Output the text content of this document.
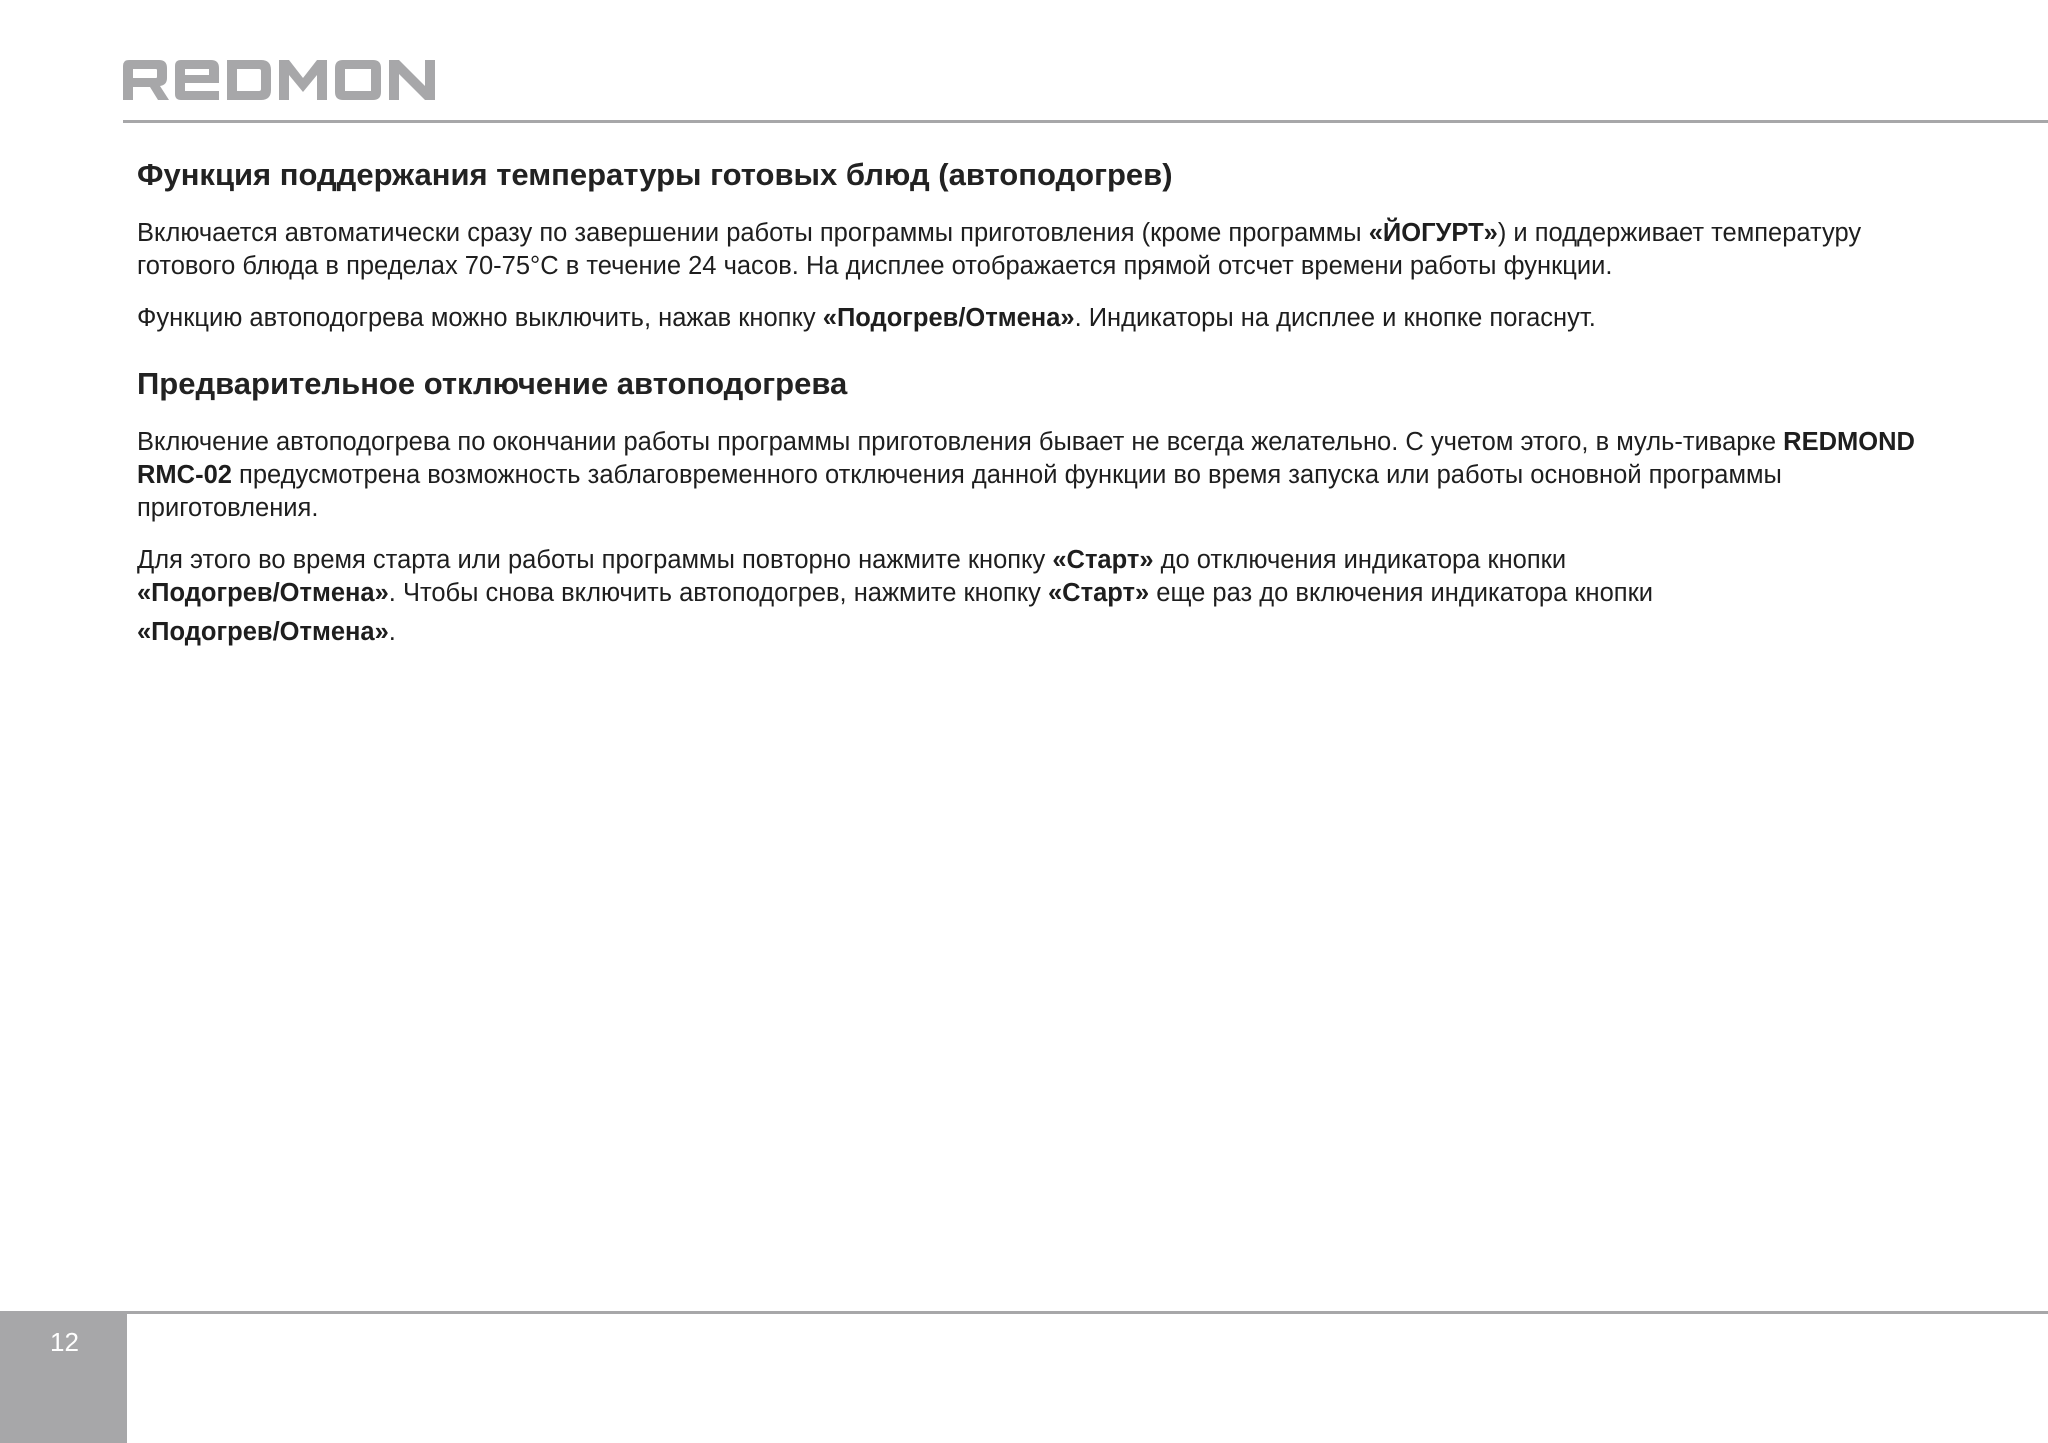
REDMOND
Функция поддержания температуры готовых блюд (автоподогрев)

Включается автоматически сразу по завершении работы программы приготовления (кроме программы «ЙОГУРТ») и поддерживает температуру готового блюда в пределах 70-75°С в течение 24 часов. На дисплее отображается прямой отсчет времени работы функции.

Функцию автоподогрева можно выключить, нажав кнопку «Подогрев/Отмена». Индикаторы на дисплее и кнопке погаснут.

Предварительное отключение автоподогрева

Включение автоподогрева по окончании работы программы приготовления бывает не всегда желательно. С учетом этого, в муль-тиварке REDMOND RMC-02 предусмотрена возможность заблаговременного отключения данной функции во время запуска или работы основной программы приготовления.

Для этого во время старта или работы программы повторно нажмите кнопку «Старт» до отключения индикатора кнопки
«Подогрев/Отмена». Чтобы снова включить автоподогрев, нажмите кнопку «Старт» еще раз до включения индикатора кнопки
«Подогрев/Отмена».

12
